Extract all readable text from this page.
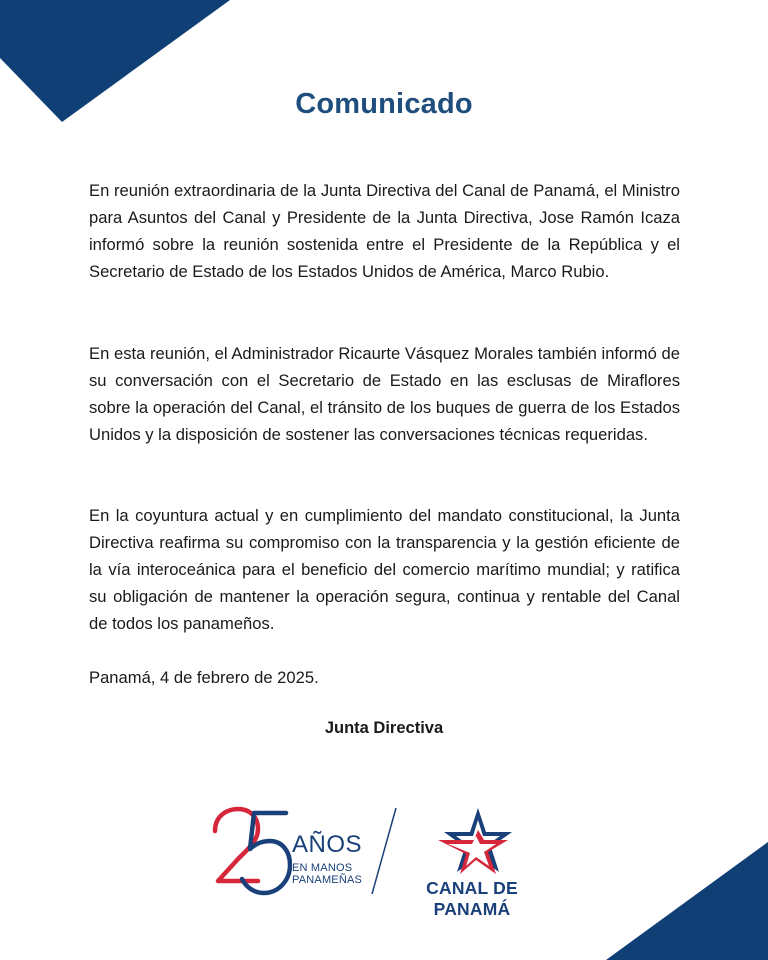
Comunicado

En reunión extraordinaria de la Junta Directiva del Canal de Panamá, el Ministro para Asuntos del Canal y Presidente de la Junta Directiva, Jose Ramón Icaza informó sobre la reunión sostenida entre el Presidente de la República y el Secretario de Estado de los Estados Unidos de América, Marco Rubio.

En esta reunión, el Administrador Ricaurte Vásquez Morales también informó de su conversación con el Secretario de Estado en las esclusas de Miraflores sobre la operación del Canal, el tránsito de los buques de guerra de los Estados Unidos y la disposición de sostener las conversaciones técnicas requeridas.

En la coyuntura actual y en cumplimiento del mandato constitucional, la Junta Directiva reafirma su compromiso con la transparencia y la gestión eficiente de la vía interoceánica para el beneficio del comercio marítimo mundial; y ratifica su obligación de mantener la operación segura, continua y rentable del Canal de todos los panameños.

Panamá, 4 de febrero de 2025.

Junta Directiva

AÑOS
EN MANOS
PANAMEÑAS	CANAL DE PANAMÁ
